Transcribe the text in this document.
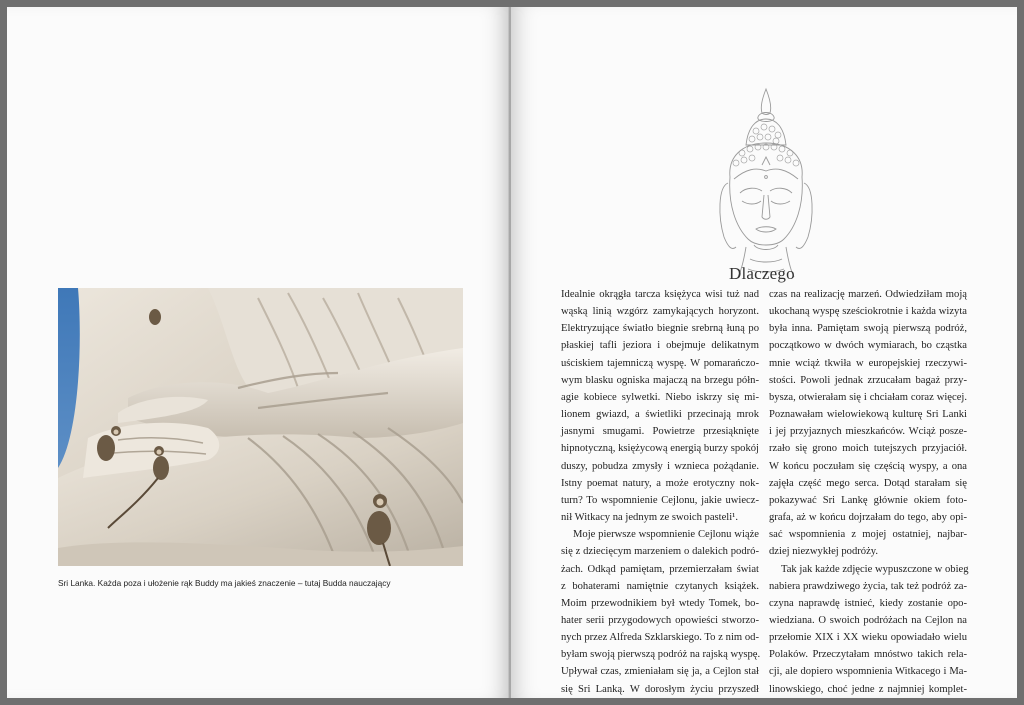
Sri Lanka. Każda poza i ułożenie rąk Buddy ma jakieś znaczenie – tutaj Budda nauczający
Dlaczego
Idealnie okrągła tarcza księżyca wisi tuż nad
wąską linią wzgórz zamykających horyzont.
Elektryzujące światło biegnie srebrną łuną po
płaskiej tafli jeziora i obejmuje delikatnym
uściskiem tajemniczą wyspę. W pomarańczo-
wym blasku ogniska majaczą na brzegu półn-
agie kobiece sylwetki. Niebo iskrzy się mi-
lionem gwiazd, a świetliki przecinają mrok
jasnymi smugami. Powietrze przesiąknięte
hipnotyczną, księżycową energią burzy spokój
duszy, pobudza zmysły i wznieca pożądanie.
Istny poemat natury, a może erotyczny nok-
turn? To wspomnienie Cejlonu, jakie uwiecz-
nił Witkacy na jednym ze swoich pasteli¹.
Moje pierwsze wspomnienie Cejlonu wiąże
się z dziecięcym marzeniem o dalekich podró-
żach. Odkąd pamiętam, przemierzałam świat
z bohaterami namiętnie czytanych książek.
Moim przewodnikiem był wtedy Tomek, bo-
hater serii przygodowych opowieści stworzo-
nych przez Alfreda Szklarskiego. To z nim od-
byłam swoją pierwszą podróż na rajską wyspę.
Upływał czas, zmieniałam się ja, a Cejlon stał
się Sri Lanką. W dorosłym życiu przyszedł
czas na realizację marzeń. Odwiedziłam moją
ukochaną wyspę sześciokrotnie i każda wizyta
była inna. Pamiętam swoją pierwszą podróż,
początkowo w dwóch wymiarach, bo cząstka
mnie wciąż tkwiła w europejskiej rzeczywi-
stości. Powoli jednak zrzucałam bagaż przy-
bysza, otwierałam się i chciałam coraz więcej.
Poznawałam wielowiekową kulturę Sri Lanki
i jej przyjaznych mieszkańców. Wciąż posze-
rzało się grono moich tutejszych przyjaciół.
W końcu poczułam się częścią wyspy, a ona
zajęła część mego serca. Dotąd starałam się
pokazywać Sri Lankę głównie okiem foto-
grafa, aż w końcu dojrzałam do tego, aby opi-
sać wspomnienia z mojej ostatniej, najbar-
dziej niezwykłej podróży.
Tak jak każde zdjęcie wypuszczone w obieg
nabiera prawdziwego życia, tak też podróż za-
czyna naprawdę istnieć, kiedy zostanie opo-
wiedziana. O swoich podróżach na Cejlon na
przełomie XIX i XX wieku opowiadało wielu
Polaków. Przeczytałam mnóstwo takich rela-
cji, ale dopiero wspomnienia Witkacego i Ma-
linowskiego, choć jedne z najmniej komplet-
